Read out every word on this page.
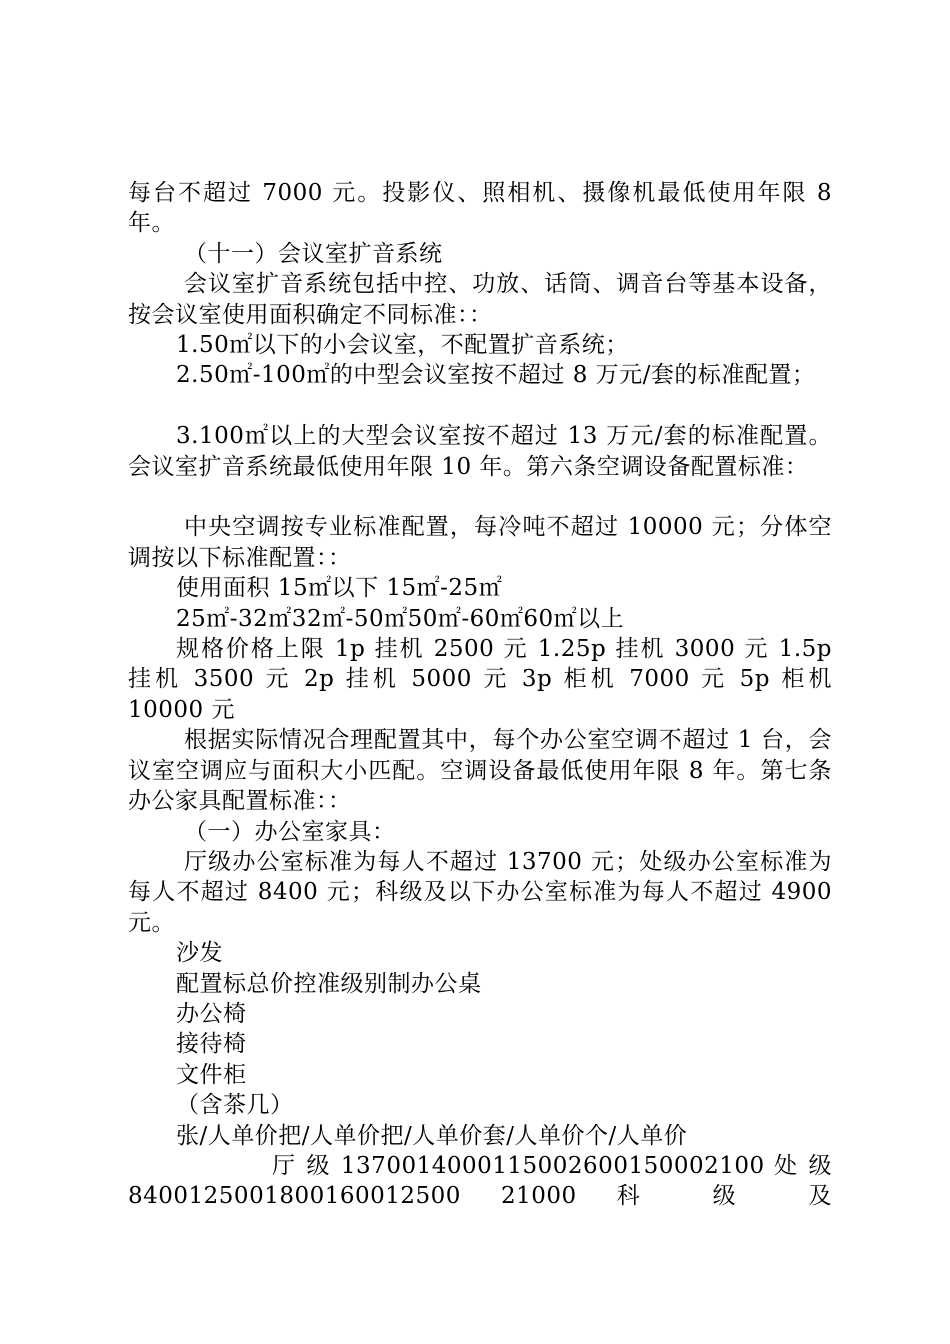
每台不超过 7000 元。投影仪、照相机、摄像机最低使用年限 8 年。

（十一）会议室扩音系统

会议室扩音系统包括中控、功放、话筒、调音台等基本设备，按会议室使用面积确定不同标准：：

1.50㎡以下的小会议室，不配置扩音系统；

2.50㎡-100㎡的中型会议室按不超过 8 万元/套的标准配置；

3.100㎡以上的大型会议室按不超过 13 万元/套的标准配置。会议室扩音系统最低使用年限 10 年。第六条空调设备配置标准：

中央空调按专业标准配置，每冷吨不超过 10000 元；分体空调按以下标准配置：：

使用面积 15㎡以下 15㎡-25㎡

25㎡-32㎡32㎡-50㎡50㎡-60㎡60㎡以上

规格价格上限 1p 挂机 2500 元 1.25p 挂机 3000 元 1.5p 挂机 3500 元 2p 挂机 5000 元 3p 柜机 7000 元 5p 柜机 10000 元

根据实际情况合理配置其中，每个办公室空调不超过 1 台，会议室空调应与面积大小匹配。空调设备最低使用年限 8 年。第七条办公家具配置标准：：

（一）办公室家具：

厅级办公室标准为每人不超过 13700 元；处级办公室标准为每人不超过 8400 元；科级及以下办公室标准为每人不超过 4900 元。

沙发

配置标总价控准级别制办公桌

办公椅

接待椅

文件柜

（含茶几）

张/人单价把/人单价把/人单价套/人单价个/人单价

厅 级 1370014000115002600150002100 处 级 8400125001800160012500 21000 科 级 及
